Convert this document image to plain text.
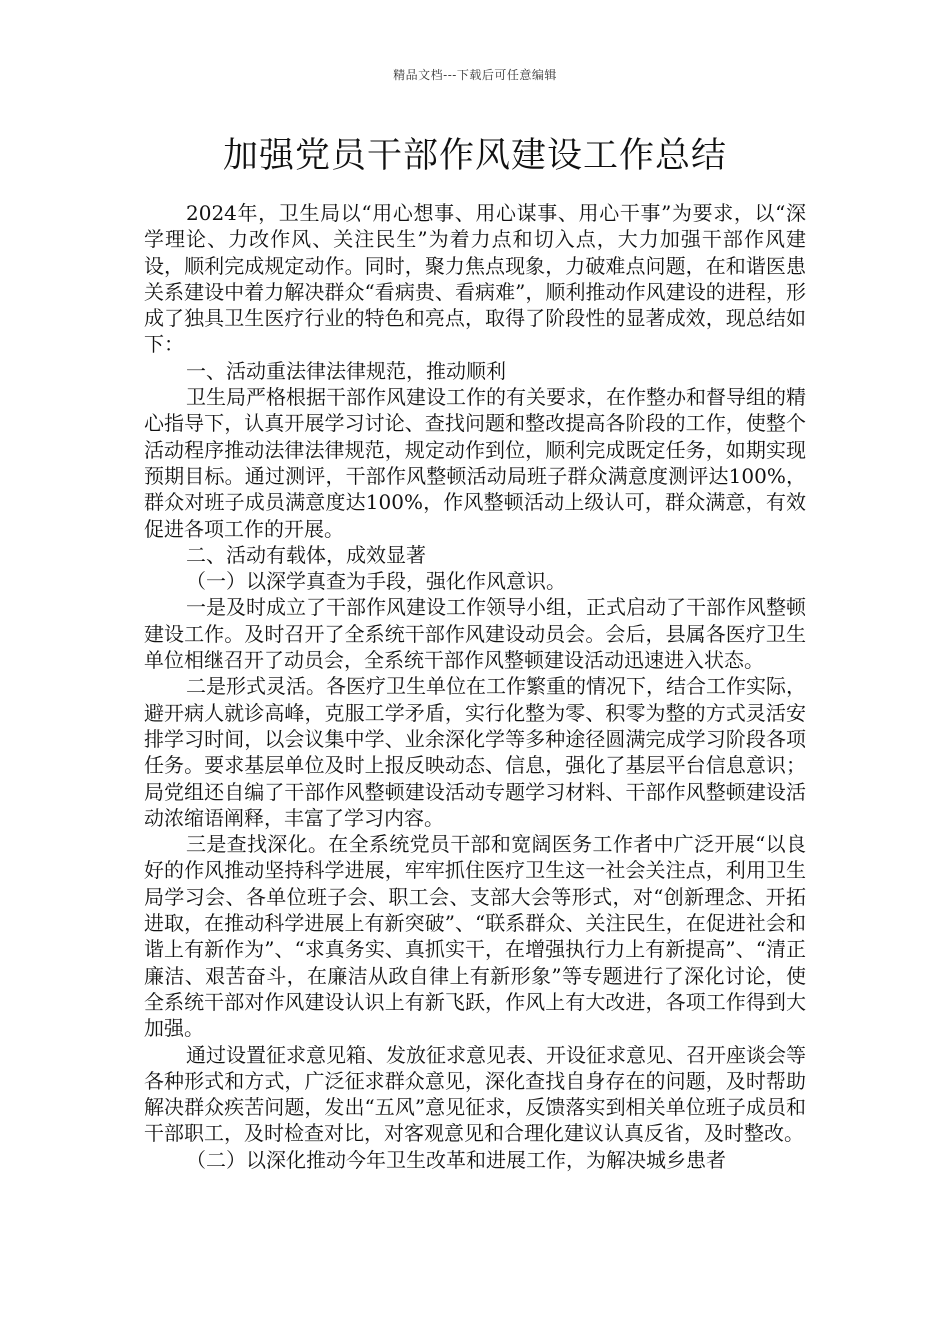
精品文档---下载后可任意编辑
加强党员干部作风建设工作总结

2024年，卫生局以“用心想事、用心谋事、用心干事”为要求，以“深学理论、力改作风、关注民生”为着力点和切入点，大力加强干部作风建设，顺利完成规定动作。同时，聚力焦点现象，力破难点问题，在和谐医患关系建设中着力解决群众“看病贵、看病难”，顺利推动作风建设的进程，形成了独具卫生医疗行业的特色和亮点，取得了阶段性的显著成效，现总结如下：

一、活动重法律法律规范，推动顺利

卫生局严格根据干部作风建设工作的有关要求，在作整办和督导组的精心指导下，认真开展学习讨论、查找问题和整改提高各阶段的工作，使整个活动程序推动法律法律规范，规定动作到位，顺利完成既定任务，如期实现预期目标。通过测评，干部作风整顿活动局班子群众满意度测评达100%，群众对班子成员满意度达100%，作风整顿活动上级认可，群众满意，有效促进各项工作的开展。

二、活动有载体，成效显著

（一）以深学真查为手段，强化作风意识。

一是及时成立了干部作风建设工作领导小组，正式启动了干部作风整顿建设工作。及时召开了全系统干部作风建设动员会。会后，县属各医疗卫生单位相继召开了动员会，全系统干部作风整顿建设活动迅速进入状态。

二是形式灵活。各医疗卫生单位在工作繁重的情况下，结合工作实际，避开病人就诊高峰，克服工学矛盾，实行化整为零、积零为整的方式灵活安排学习时间，以会议集中学、业余深化学等多种途径圆满完成学习阶段各项任务。要求基层单位及时上报反映动态、信息，强化了基层平台信息意识；局党组还自编了干部作风整顿建设活动专题学习材料、干部作风整顿建设活动浓缩语阐释，丰富了学习内容。

三是查找深化。在全系统党员干部和宽阔医务工作者中广泛开展“以良好的作风推动坚持科学进展，牢牢抓住医疗卫生这一社会关注点，利用卫生局学习会、各单位班子会、职工会、支部大会等形式，对“创新理念、开拓进取，在推动科学进展上有新突破”、“联系群众、关注民生，在促进社会和谐上有新作为”、“求真务实、真抓实干，在增强执行力上有新提高”、“清正廉洁、艰苦奋斗，在廉洁从政自律上有新形象”等专题进行了深化讨论，使全系统干部对作风建设认识上有新飞跃，作风上有大改进，各项工作得到大加强。

通过设置征求意见箱、发放征求意见表、开设征求意见、召开座谈会等各种形式和方式，广泛征求群众意见，深化查找自身存在的问题，及时帮助解决群众疾苦问题，发出“五风”意见征求，反馈落实到相关单位班子成员和干部职工，及时检查对比，对客观意见和合理化建议认真反省，及时整改。

（二）以深化推动今年卫生改革和进展工作，为解决城乡患者
